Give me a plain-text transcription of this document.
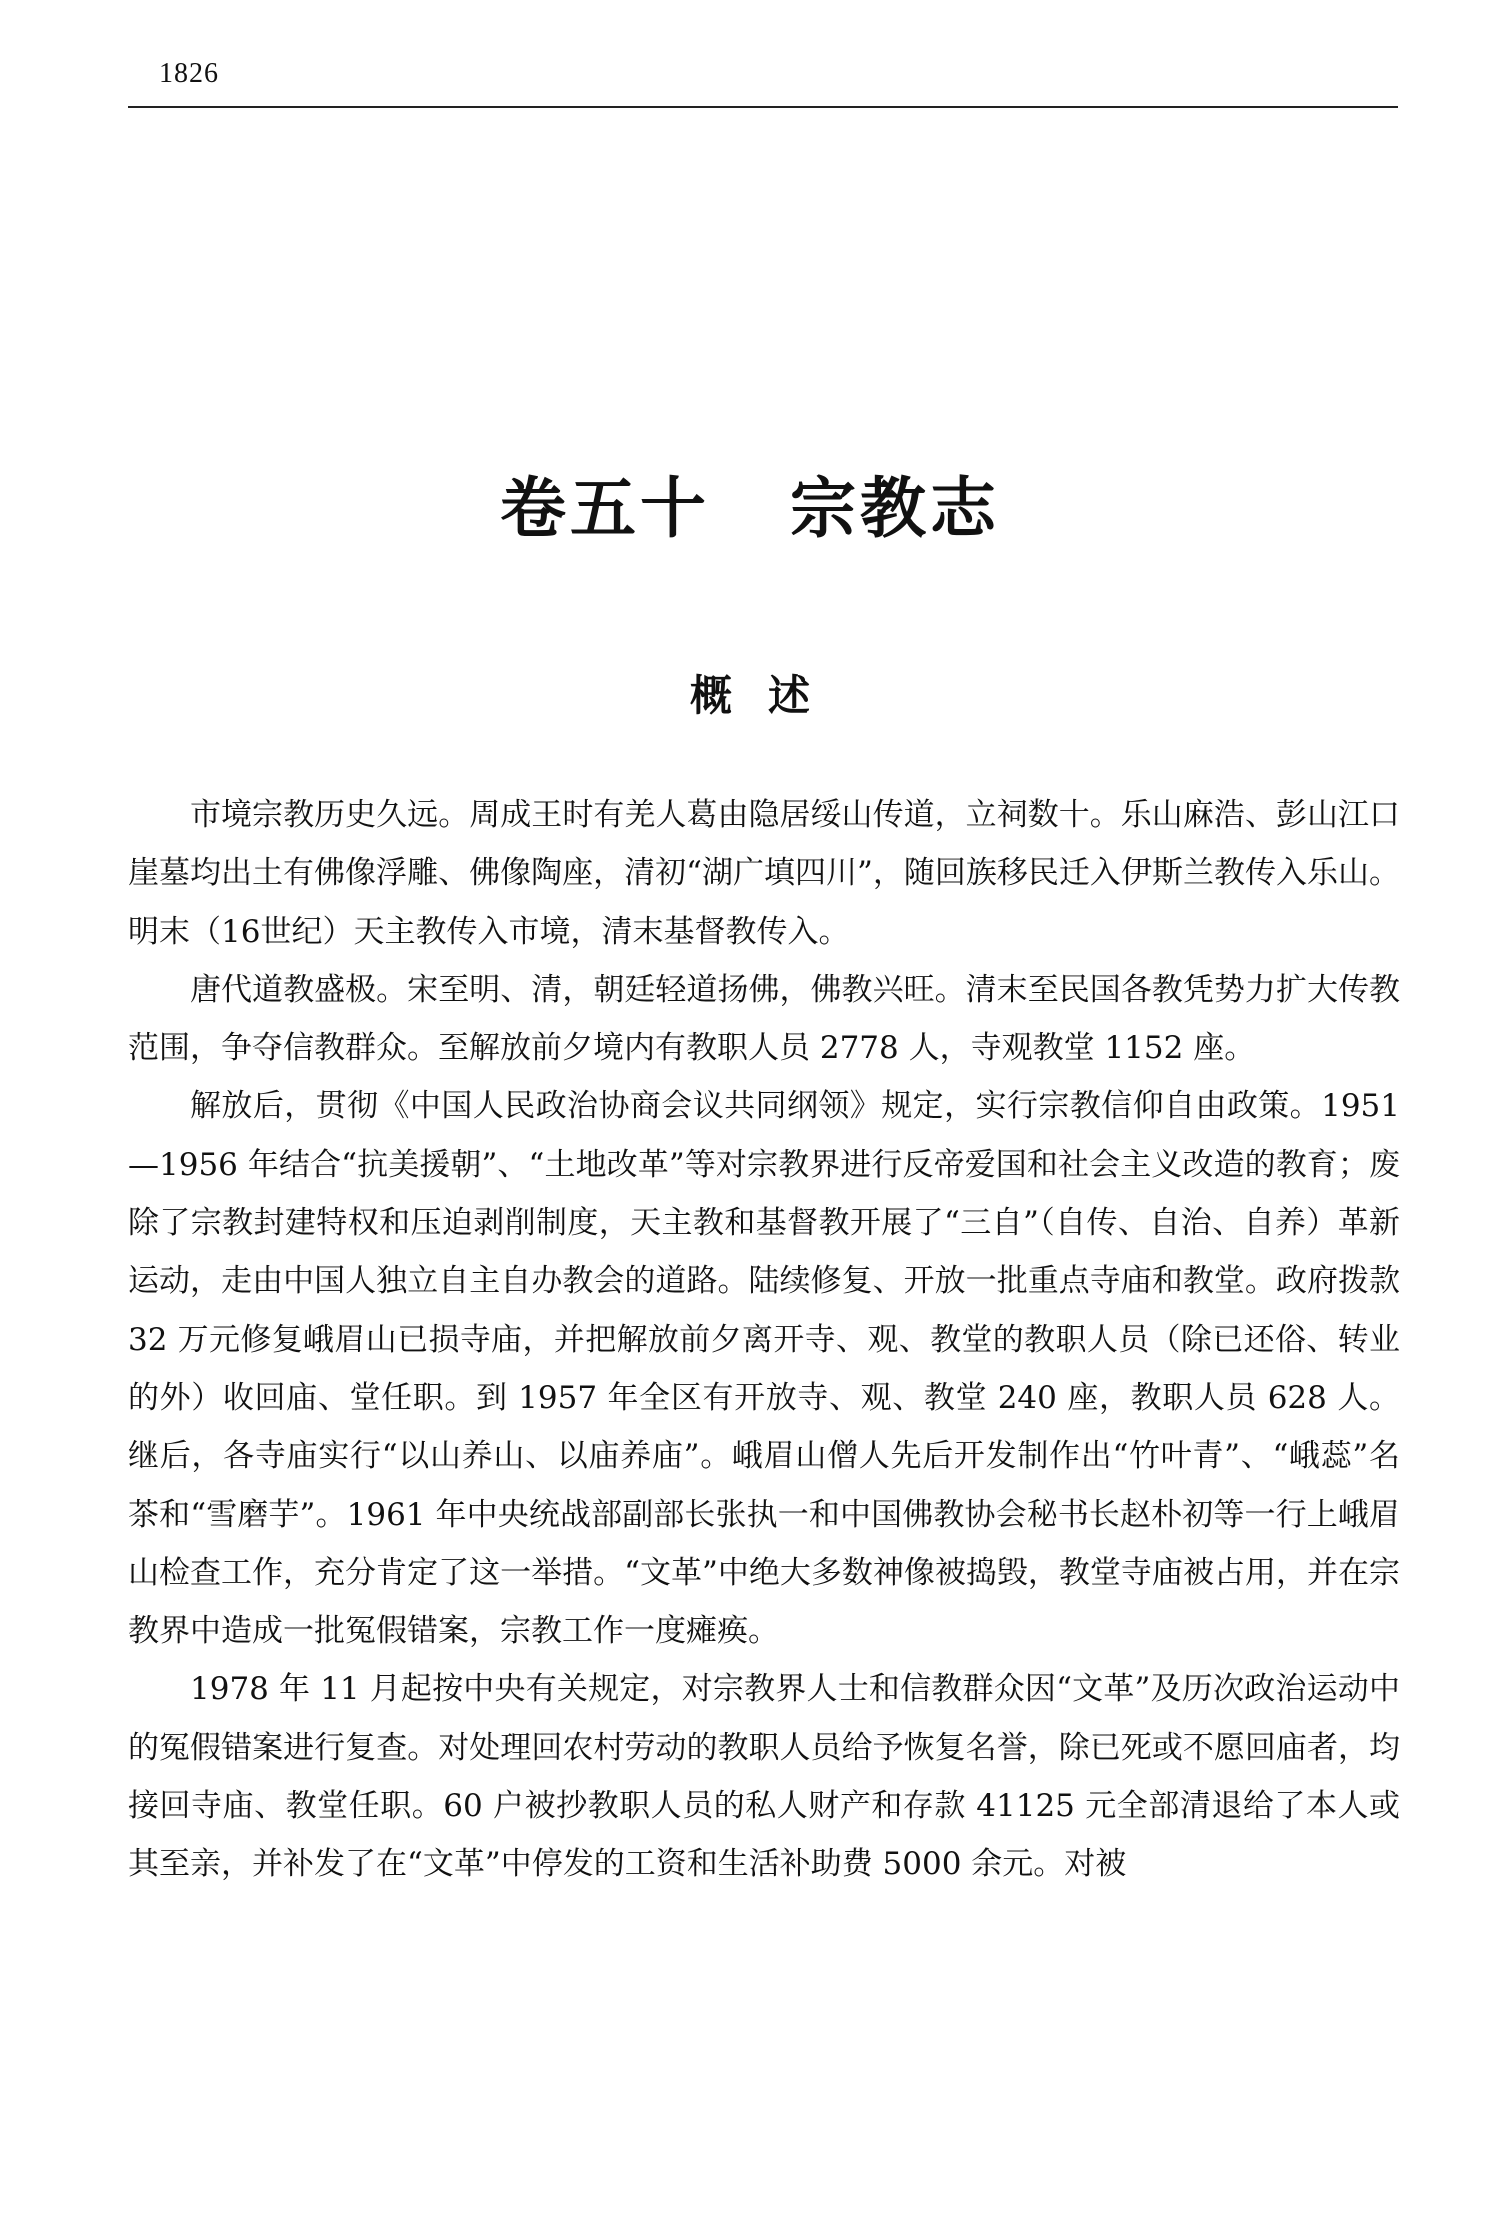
1826
卷五十 宗教志
概述

市境宗教历史久远。周成王时有羌人葛由隐居绥山传道，立祠数十。乐山麻浩、彭山江口崖墓均出土有佛像浮雕、佛像陶座，清初“湖广填四川”，随回族移民迁入伊斯兰教传入乐山。明末（16世纪）天主教传入市境，清末基督教传入。

唐代道教盛极。宋至明、清，朝廷轻道扬佛，佛教兴旺。清末至民国各教凭势力扩大传教范围，争夺信教群众。至解放前夕境内有教职人员 2778 人，寺观教堂 1152 座。

解放后，贯彻《中国人民政治协商会议共同纲领》规定，实行宗教信仰自由政策。1951—1956 年结合“抗美援朝”、“土地改革”等对宗教界进行反帝爱国和社会主义改造的教育；废除了宗教封建特权和压迫剥削制度，天主教和基督教开展了“三自”（自传、自治、自养）革新运动，走由中国人独立自主自办教会的道路。陆续修复、开放一批重点寺庙和教堂。政府拨款 32 万元修复峨眉山已损寺庙，并把解放前夕离开寺、观、教堂的教职人员（除已还俗、转业的外）收回庙、堂任职。到 1957 年全区有开放寺、观、教堂 240 座，教职人员 628 人。继后，各寺庙实行“以山养山、以庙养庙”。峨眉山僧人先后开发制作出“竹叶青”、“峨蕊”名茶和“雪磨芋”。1961 年中央统战部副部长张执一和中国佛教协会秘书长赵朴初等一行上峨眉山检查工作，充分肯定了这一举措。“文革”中绝大多数神像被捣毁，教堂寺庙被占用，并在宗教界中造成一批冤假错案，宗教工作一度瘫痪。

1978 年 11 月起按中央有关规定，对宗教界人士和信教群众因“文革”及历次政治运动中的冤假错案进行复查。对处理回农村劳动的教职人员给予恢复名誉，除已死或不愿回庙者，均接回寺庙、教堂任职。60 户被抄教职人员的私人财产和存款 41125 元全部清退给了本人或其至亲，并补发了在“文革”中停发的工资和生活补助费 5000 余元。对被
